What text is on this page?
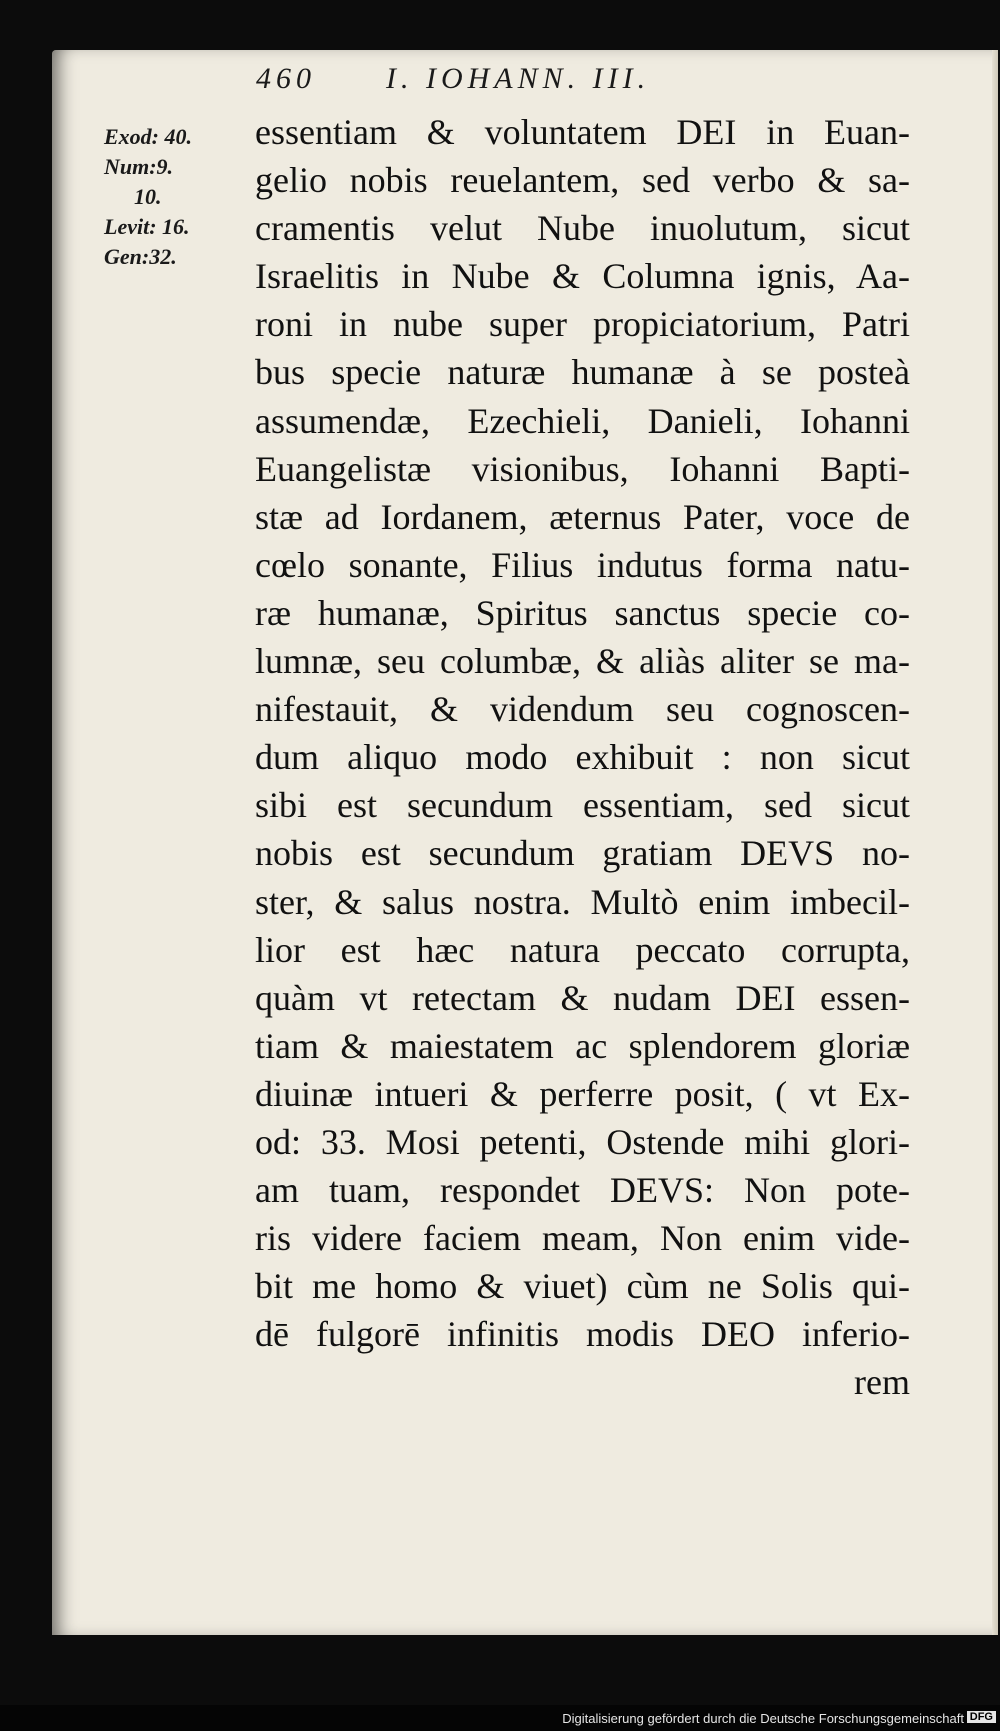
460 I. IOHANN. III.
Exod: 40.
Num:9.
10.
Levit: 16.
Gen:32.
essentiam & voluntatem DEI in Euan-
gelio nobis reuelantem, sed verbo & sa-
cramentis velut Nube inuolutum, sicut
Israelitis in Nube & Columna ignis, Aa-
roni in nube super propiciatorium, Patri
bus specie naturæ humanæ à se posteà
assumendæ, Ezechieli, Danieli, Iohanni
Euangelistæ visionibus, Iohanni Bapti-
stæ ad Iordanem, æternus Pater, voce de
cœlo sonante, Filius indutus forma natu-
ræ humanæ, Spiritus sanctus specie co-
lumnæ, seu columbæ, & aliàs aliter se ma-
nifestauit, & videndum seu cognoscen-
dum aliquo modo exhibuit : non sicut
sibi est secundum essentiam, sed sicut
nobis est secundum gratiam DEVS no-
ster, & salus nostra. Multò enim imbecil-
lior est hæc natura peccato corrupta,
quàm vt retectam & nudam DEI essen-
tiam & maiestatem ac splendorem gloriæ
diuinæ intueri & perferre posit, ( vt Ex-
od: 33. Mosi petenti, Ostende mihi glori-
am tuam, respondet DEVS: Non pote-
ris videre faciem meam, Non enim vide-
bit me homo & viuet) cùm ne Solis qui-
dē fulgorē infinitis modis DEO inferio-
rem
Digitalisierung gefördert durch die Deutsche Forschungsgemeinschaft DFG
